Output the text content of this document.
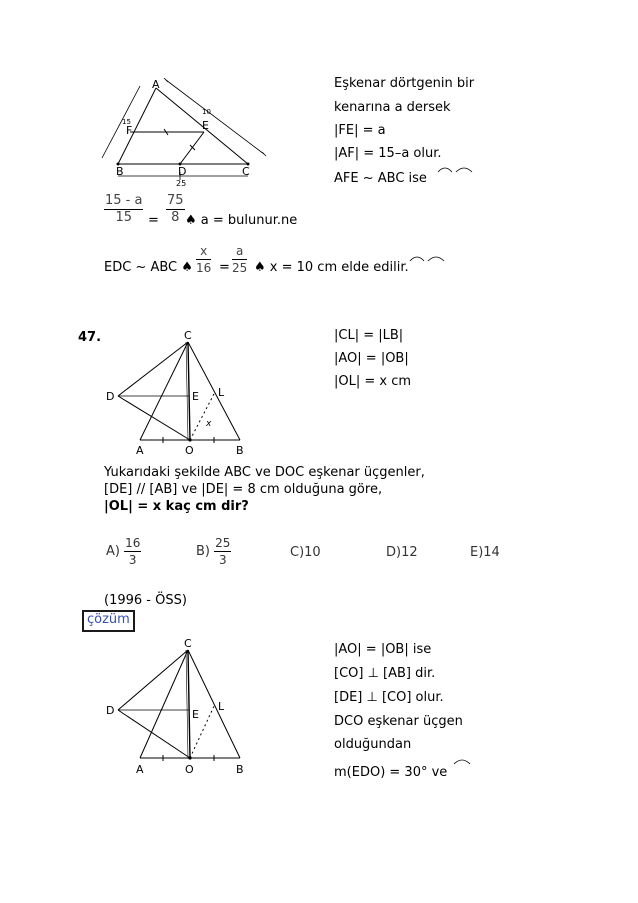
A
E
F
B	D	C
15
10
25
Eşkenar dörtgenin bir
kenarına a dersek
|FE| = a
|AF| = 15–a olur.
AFE ~ ABC ise
15 - a
15
75
8
= ♠ a = bulunur.ne
EDC ~ ABC ♠
x
16 =
a
25 ♠ x = 10 cm elde edilir.
47.	C
D	E L
x
A	O	B
|CL| = |LB|
|AO| = |OB|
|OL| = x cm
Yukarıdaki şekilde ABC ve DOC eşkenar üçgenler,
[DE] // [AB] ve |DE| = 8 cm olduğuna göre,
|OL| = x kaç cm dir?
$A) \frac{16}{3}$	$B) \frac{25}{3}$	C)10	D)12	E)14
(1996 - ÖSS)
çözüm
C
D	E
L
A	O	B
|AO| = |OB| ise
[CO] ⊥ [AB] dir.
[DE] ⊥ [CO] olur.
DCO eşkenar üçgen
olduğundan
m(EDO) = 30° ve
